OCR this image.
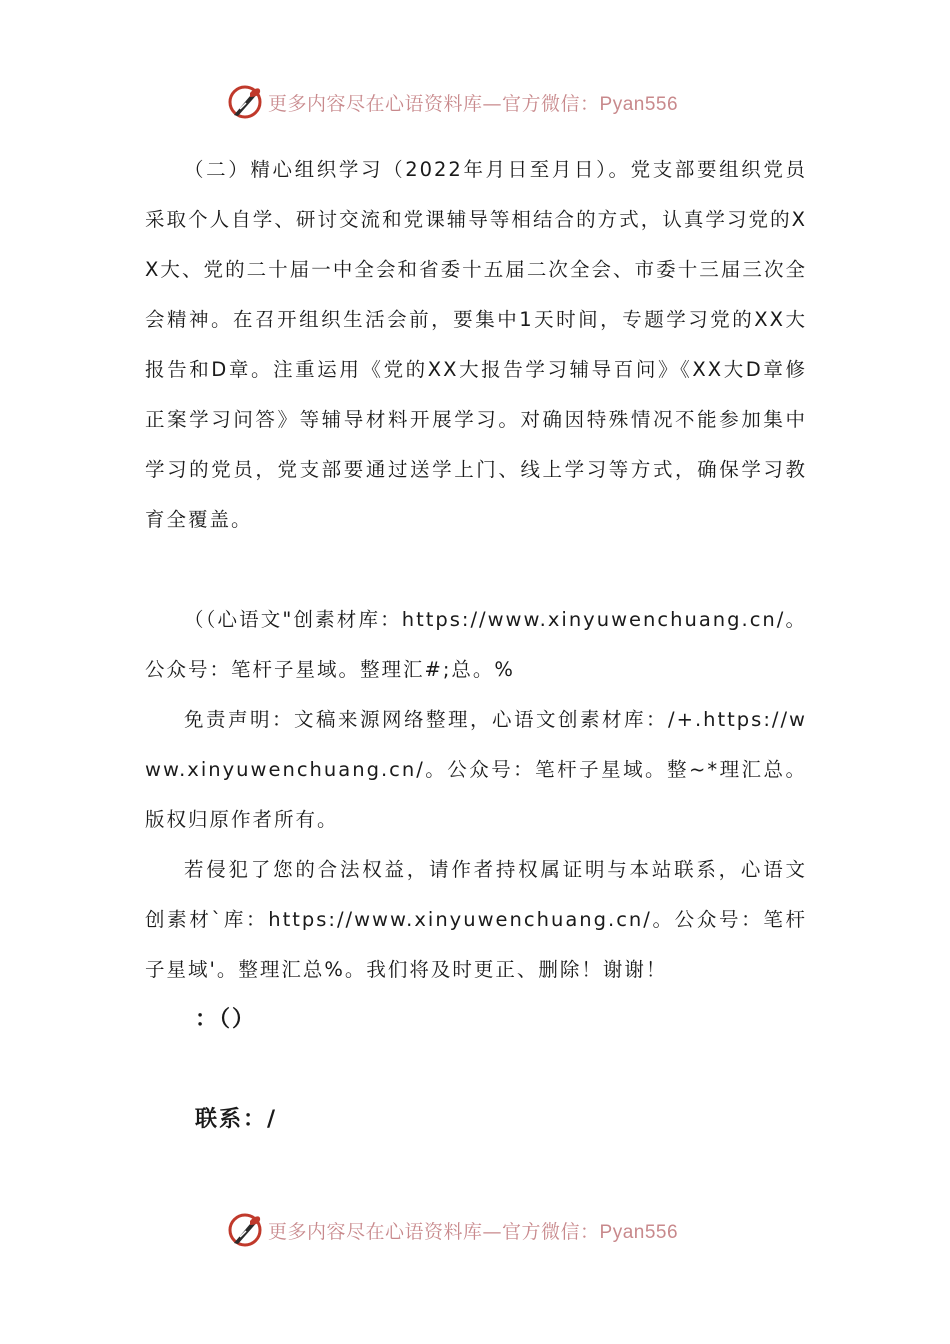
更多内容尽在心语资料库—官方微信：Pyan556

（二）精心组织学习（2022年月日至月日）。党支部要组织党员采取个人自学、研讨交流和党课辅导等相结合的方式，认真学习党的XX大、党的二十届一中全会和省委十五届二次全会、市委十三届三次全会精神。在召开组织生活会前，要集中1天时间，专题学习党的XX大报告和D章。注重运用《党的XX大报告学习辅导百问》《XX大D章修正案学习问答》等辅导材料开展学习。对确因特殊情况不能参加集中学习的党员，党支部要通过送学上门、线上学习等方式，确保学习教育全覆盖。

（（心语文"创素材库：https://www.xinyuwenchuang.cn/。公众号：笔杆子星域。整理汇#;总。%

免责声明：文稿来源网络整理，心语文创素材库：/+.https://www.xinyuwenchuang.cn/。公众号：笔杆子星域。整~*理汇总。版权归原作者所有。

若侵犯了您的合法权益，请作者持权属证明与本站联系，心语文创素材`库：https://www.xinyuwenchuang.cn/。公众号：笔杆子星域'。整理汇总%。我们将及时更正、删除！谢谢！

：（）

联系：/

更多内容尽在心语资料库—官方微信：Pyan556
